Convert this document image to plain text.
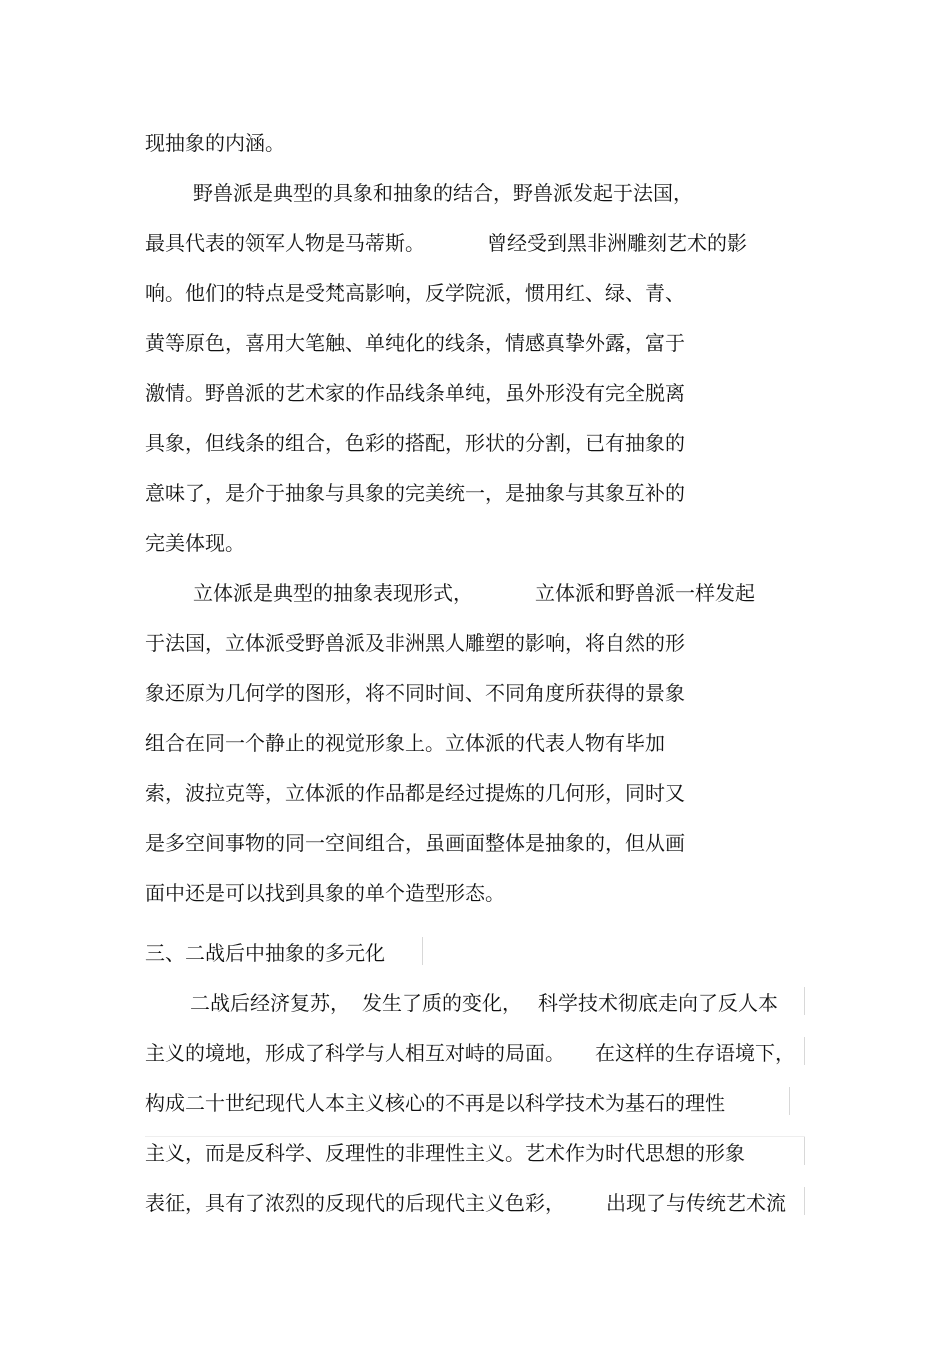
现抽象的内涵。
野兽派是典型的具象和抽象的结合，野兽派发起于法国，
最具代表的领军人物是马蒂斯。	曾经受到黑非洲雕刻艺术的影
响。他们的特点是受梵高影响，反学院派，惯用红、绿、青、
黄等原色，喜用大笔触、单纯化的线条，情感真挚外露，富于
激情。野兽派的艺术家的作品线条单纯，虽外形没有完全脱离
具象，但线条的组合，色彩的搭配，形状的分割，已有抽象的
意味了，是介于抽象与具象的完美统一，是抽象与其象互补的
完美体现。
立体派是典型的抽象表现形式，	立体派和野兽派一样发起
于法国，立体派受野兽派及非洲黑人雕塑的影响，将自然的形
象还原为几何学的图形，将不同时间、不同角度所获得的景象
组合在同一个静止的视觉形象上。立体派的代表人物有毕加
索，波拉克等，立体派的作品都是经过提炼的几何形，同时又
是多空间事物的同一空间组合，虽画面整体是抽象的，但从画
面中还是可以找到具象的单个造型形态。
三、二战后中抽象的多元化
二战后经济复苏， 发生了质的变化， 科学技术彻底走向了反人本
主义的境地，形成了科学与人相互对峙的局面。 在这样的生存语境下，
构成二十世纪现代人本主义核心的不再是以科学技术为基石的理性
主义，而是反科学、反理性的非理性主义。艺术作为时代思想的形象
表征，具有了浓烈的反现代的后现代主义色彩， 出现了与传统艺术流
